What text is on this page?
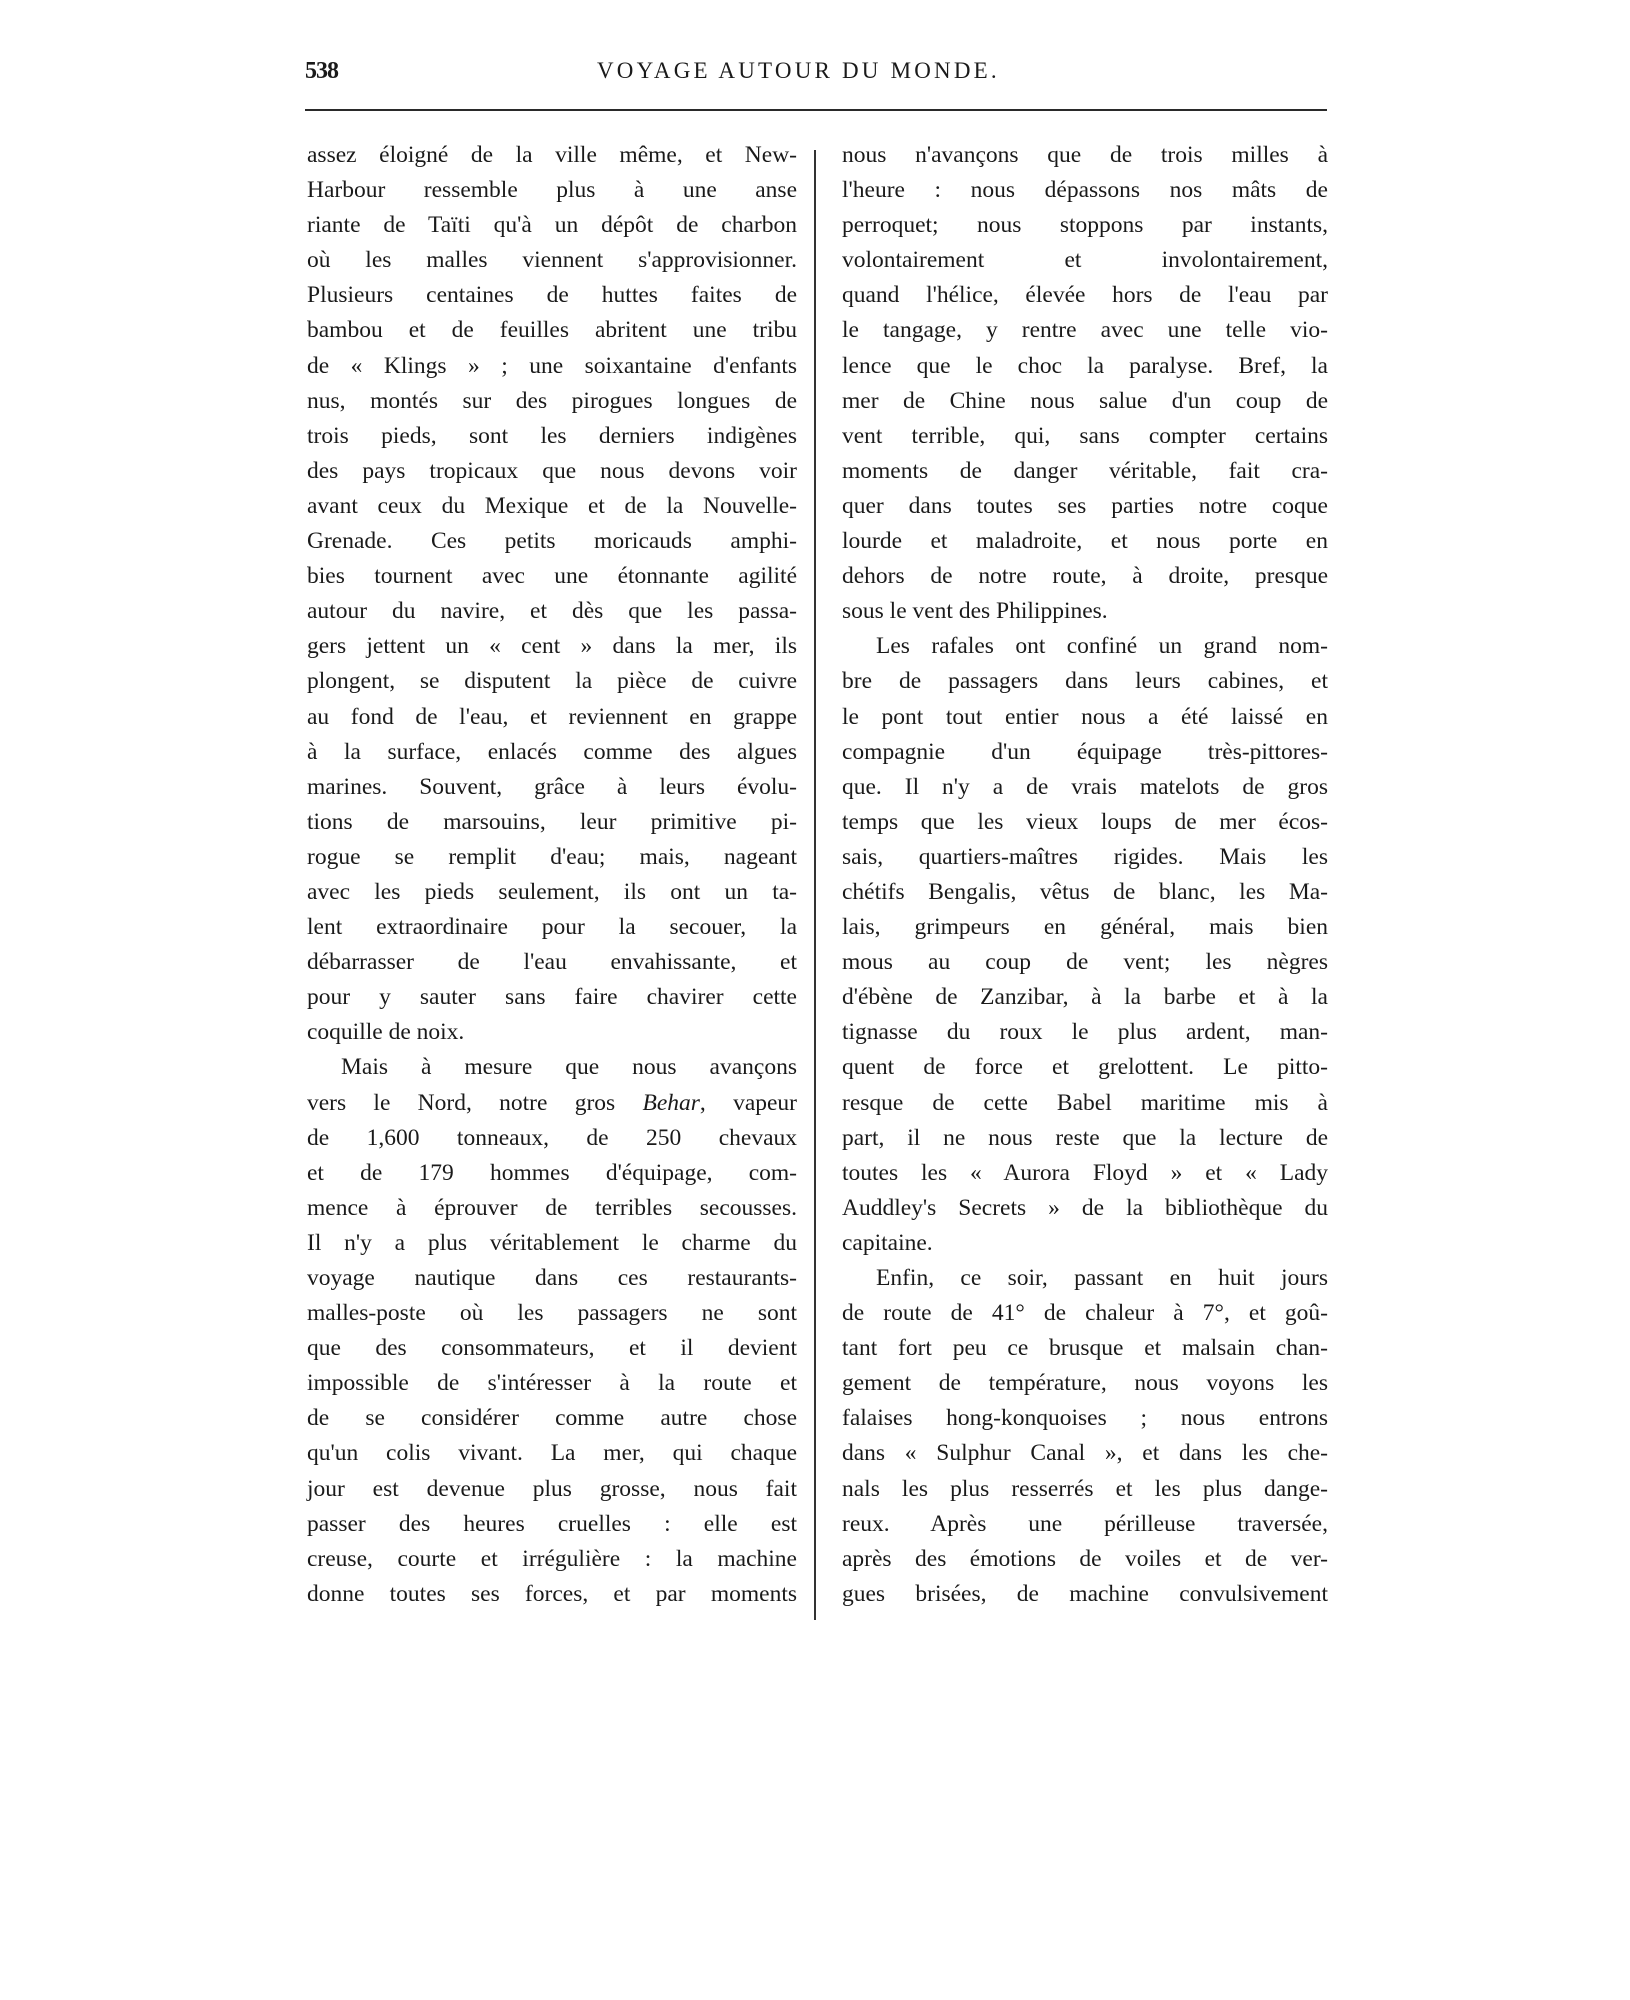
538	VOYAGE AUTOUR DU MONDE.
assez éloigné de la ville même, et New-
Harbour ressemble plus à une anse
riante de Taïti qu'à un dépôt de charbon
où les malles viennent s'approvisionner.
Plusieurs centaines de huttes faites de
bambou et de feuilles abritent une tribu
de « Klings » ; une soixantaine d'enfants
nus, montés sur des pirogues longues de
trois pieds, sont les derniers indigènes
des pays tropicaux que nous devons voir
avant ceux du Mexique et de la Nouvelle-
Grenade. Ces petits moricauds amphi-
bies tournent avec une étonnante agilité
autour du navire, et dès que les passa-
gers jettent un « cent » dans la mer, ils
plongent, se disputent la pièce de cuivre
au fond de l'eau, et reviennent en grappe
à la surface, enlacés comme des algues
marines. Souvent, grâce à leurs évolu-
tions de marsouins, leur primitive pi-
rogue se remplit d'eau; mais, nageant
avec les pieds seulement, ils ont un ta-
lent extraordinaire pour la secouer, la
débarrasser de l'eau envahissante, et
pour y sauter sans faire chavirer cette
coquille de noix.
Mais à mesure que nous avançons
vers le Nord, notre gros Behar, vapeur
de 1,600 tonneaux, de 250 chevaux
et de 179 hommes d'équipage, com-
mence à éprouver de terribles secousses.
Il n'y a plus véritablement le charme du
voyage nautique dans ces restaurants-
malles-poste où les passagers ne sont
que des consommateurs, et il devient
impossible de s'intéresser à la route et
de se considérer comme autre chose
qu'un colis vivant. La mer, qui chaque
jour est devenue plus grosse, nous fait
passer des heures cruelles : elle est
creuse, courte et irrégulière : la machine
donne toutes ses forces, et par moments
nous n'avançons que de trois milles à
l'heure : nous dépassons nos mâts de
perroquet; nous stoppons par instants,
volontairement et involontairement,
quand l'hélice, élevée hors de l'eau par
le tangage, y rentre avec une telle vio-
lence que le choc la paralyse. Bref, la
mer de Chine nous salue d'un coup de
vent terrible, qui, sans compter certains
moments de danger véritable, fait cra-
quer dans toutes ses parties notre coque
lourde et maladroite, et nous porte en
dehors de notre route, à droite, presque
sous le vent des Philippines.
Les rafales ont confiné un grand nom-
bre de passagers dans leurs cabines, et
le pont tout entier nous a été laissé en
compagnie d'un équipage très-pittores-
que. Il n'y a de vrais matelots de gros
temps que les vieux loups de mer écos-
sais, quartiers-maîtres rigides. Mais les
chétifs Bengalis, vêtus de blanc, les Ma-
lais, grimpeurs en général, mais bien
mous au coup de vent; les nègres
d'ébène de Zanzibar, à la barbe et à la
tignasse du roux le plus ardent, man-
quent de force et grelottent. Le pitto-
resque de cette Babel maritime mis à
part, il ne nous reste que la lecture de
toutes les « Aurora Floyd » et « Lady
Auddley's Secrets » de la bibliothèque du
capitaine.
Enfin, ce soir, passant en huit jours
de route de 41° de chaleur à 7°, et goû-
tant fort peu ce brusque et malsain chan-
gement de température, nous voyons les
falaises hong-konquoises ; nous entrons
dans « Sulphur Canal », et dans les che-
nals les plus resserrés et les plus dange-
reux. Après une périlleuse traversée,
après des émotions de voiles et de ver-
gues brisées, de machine convulsivement
